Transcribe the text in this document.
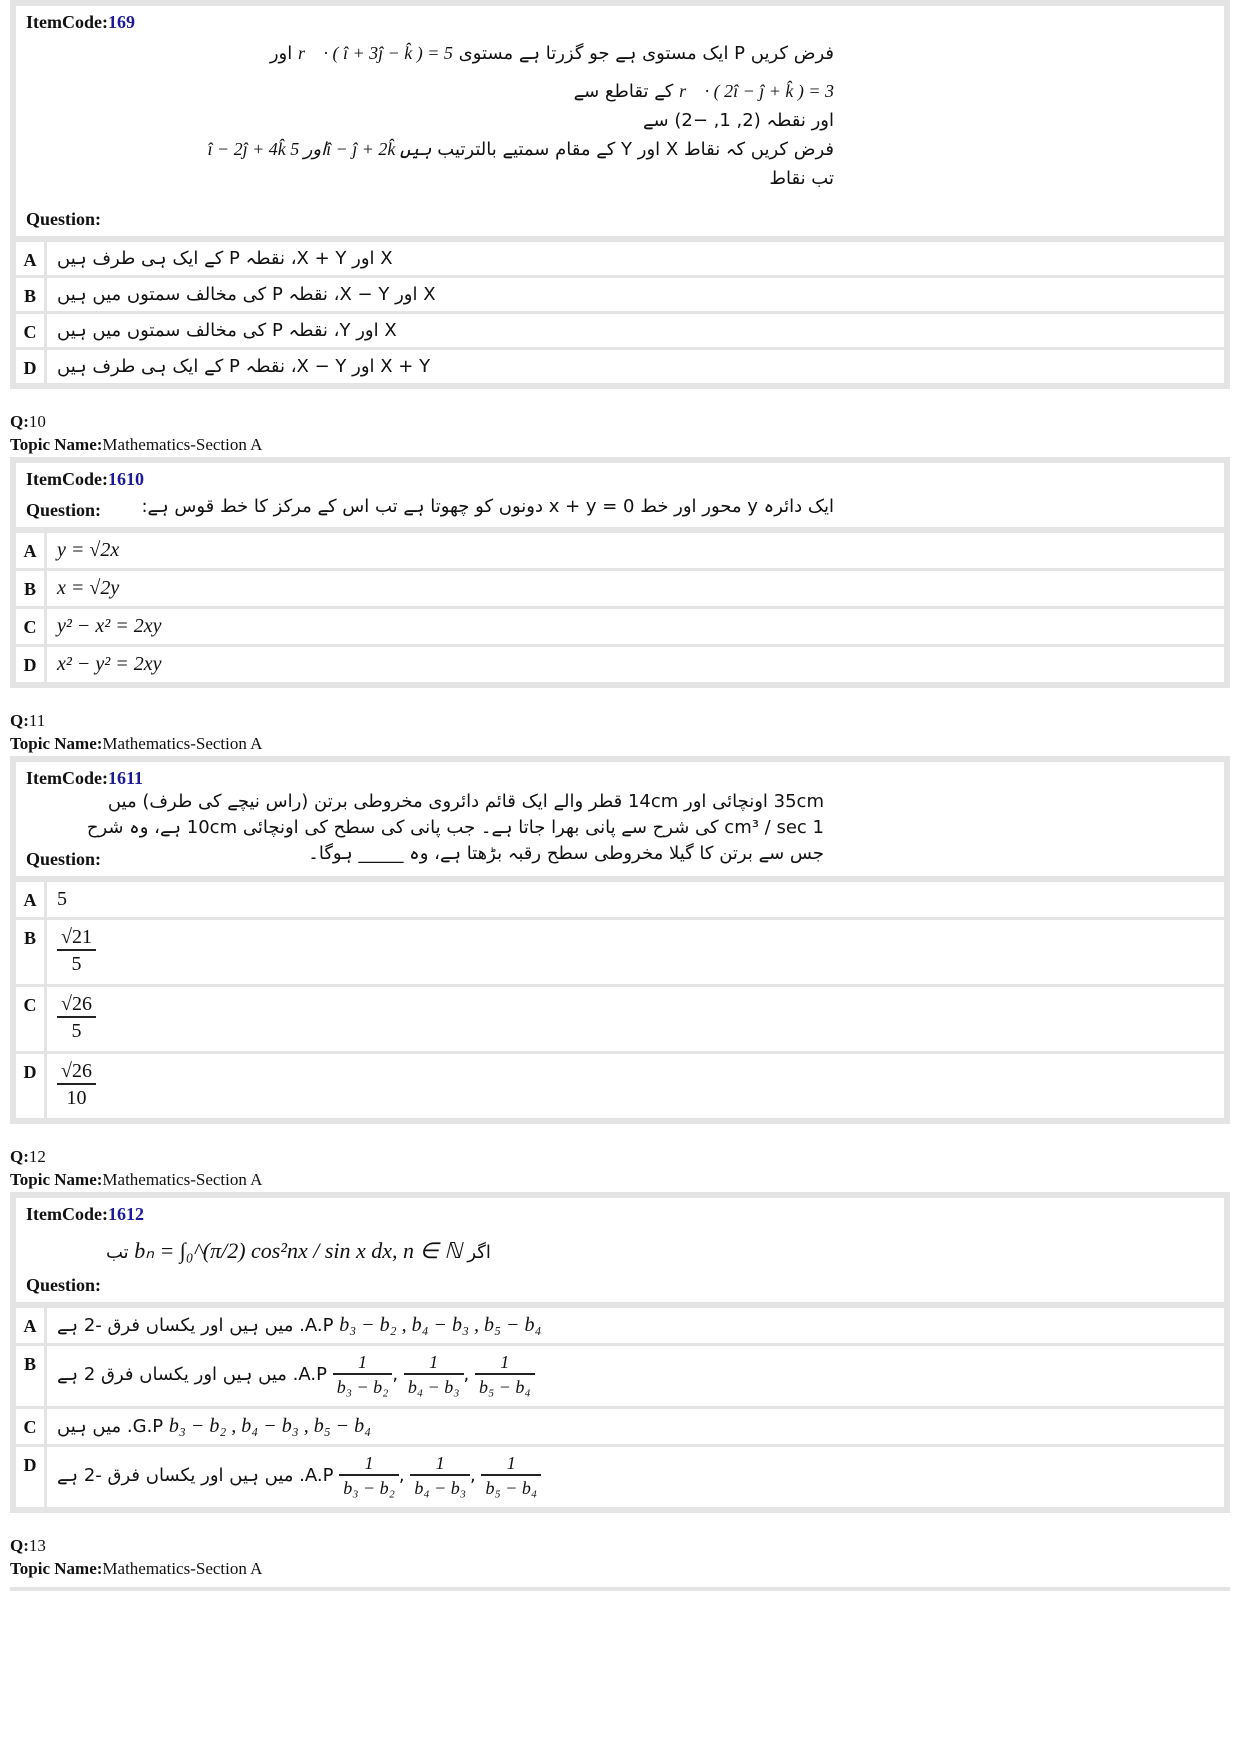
ItemCode:169
فرض کریں P ایک مستوی ہے جو گزرتا ہے مستوی r⃗ · ( î + 3ĵ − k̂ ) = 5 اور
r⃗ · ( 2î − ĵ + k̂ ) = 3 کے تقاطع سے
اور نقطہ (2, 1, −2) سے
فرض کریں کہ نقاط X اور Y کے مقام سمتیے بالترتیب î − 2ĵ + 4k̂ اور 5î − ĵ + 2k̂ ہیں
تب نقاط
Question:
A	X اور X + Y، نقطہ P کے ایک ہی طرف ہیں
B	X اور X − Y، نقطہ P کی مخالف سمتوں میں ہیں
C	X اور Y، نقطہ P کی مخالف سمتوں میں ہیں
D	X + Y اور X − Y، نقطہ P کے ایک ہی طرف ہیں
Q:10
Topic Name:Mathematics-Section A
ItemCode:1610
ایک دائرہ y محور اور خط x + y = 0 دونوں کو چھوتا ہے تب اس کے مرکز کا خط قوس ہے:
Question:
A	y = √2x
B	x = √2y
C	y² − x² = 2xy
D	x² − y² = 2xy
Q:11
Topic Name:Mathematics-Section A
ItemCode:1611
35cm اونچائی اور 14cm قطر والے ایک قائم دائروی مخروطی برتن (راس نیچے کی طرف) میں
1 cm³ / sec کی شرح سے پانی بھرا جاتا ہے۔ جب پانی کی سطح کی اونچائی 10cm ہے، وہ شرح
جس سے برتن کا گیلا مخروطی سطح رقبہ بڑھتا ہے، وہ _____ ہوگا۔
Question:
A	5
B	$\frac{√21}{5}$
C	$\frac{√26}{5}$
D	$\frac{√26}{10}$
Q:12
Topic Name:Mathematics-Section A
ItemCode:1612
تب bₙ = ∫₀^(π/2) cos²nx / sin x dx, n ∈ ℕ اگر
Question:
A	A.P. میں ہیں اور یکساں فرق -2 ہے b₃ − b₂ , b₄ − b₃ , b₅ − b₄
B	A.P. میں ہیں اور یکساں فرق 2 ہے $\frac{1}{\text{b₃ − b₂}}$ , $\frac{1}{\text{b₄ − b₃}}$ , $\frac{1}{\text{b₅ − b₄}}$
C	G.P. میں ہیں b₃ − b₂ , b₄ − b₃ , b₅ − b₄
D	A.P. میں ہیں اور یکساں فرق -2 ہے $\frac{1}{\text{b₃ − b₂}}$ , $\frac{1}{\text{b₄ − b₃}}$ , $\frac{1}{\text{b₅ − b₄}}$
Q:13
Topic Name:Mathematics-Section A
